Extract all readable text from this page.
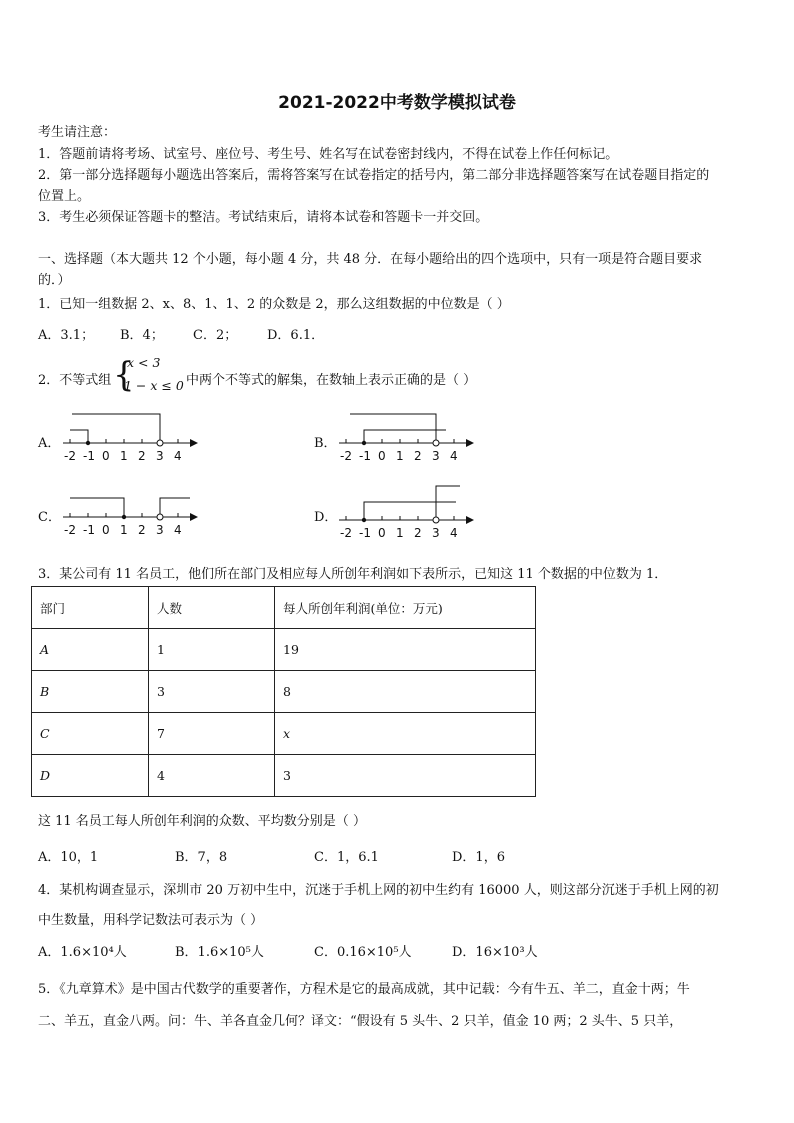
2021-2022中考数学模拟试卷
考生请注意：
1．答题前请将考场、试室号、座位号、考生号、姓名写在试卷密封线内，不得在试卷上作任何标记。
2．第一部分选择题每小题选出答案后，需将答案写在试卷指定的括号内，第二部分非选择题答案写在试卷题目指定的
位置上。
3．考生必须保证答题卡的整洁。考试结束后，请将本试卷和答题卡一并交回。
一、选择题（本大题共 12 个小题，每小题 4 分，共 48 分．在每小题给出的四个选项中，只有一项是符合题目要求
的．）
1．已知一组数据 2、x、8、1、1、2 的众数是 2，那么这组数据的中位数是（ ）
A．3.1； B．4； C．2； D．6.1．
2．不等式组 {
x < 3
1 − x ≤ 0 中两个不等式的解集，在数轴上表示正确的是（ ）
A．
-2 -1 0 1 2 3 4
B．
-2 -1 0 1 2 3 4
C．
-2 -1 0 1 2 3 4
D．
-2 -1 0 1 2 3 4
3．某公司有 11 名员工，他们所在部门及相应每人所创年利润如下表所示，已知这 11 个数据的中位数为 1．
部门	人数	每人所创年利润(单位：万元)
A	1	19
B	3	8
C	7	x
D	4	3
这 11 名员工每人所创年利润的众数、平均数分别是（ ）
A．10，1	B．7，8	C．1，6.1	D．1，6
4．某机构调查显示，深圳市 20 万初中生中，沉迷于手机上网的初中生约有 16000 人，则这部分沉迷于手机上网的初
中生数量，用科学记数法可表示为（ ）
A．1.6×10⁴人	B．1.6×10⁵人	C．0.16×10⁵人	D．16×10³人
5．《九章算术》是中国古代数学的重要著作，方程术是它的最高成就，其中记载：今有牛五、羊二，直金十两；牛
二、羊五，直金八两。问：牛、羊各直金几何？译文：“假设有 5 头牛、2 只羊，值金 10 两；2 头牛、5 只羊，
